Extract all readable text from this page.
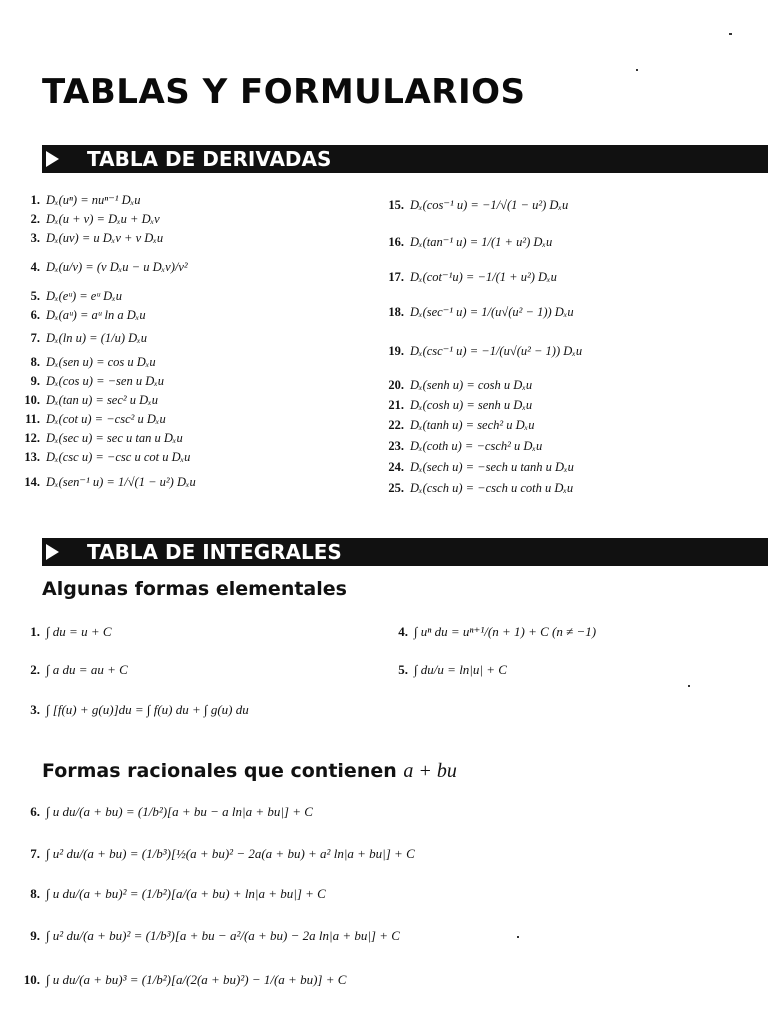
TABLAS Y FORMULARIOS
TABLA DE DERIVADAS
1. Dₓ(uⁿ) = nuⁿ⁻¹ Dₓu
2. Dₓ(u + v) = Dₓu + Dₓv
3. Dₓ(uv) = u Dₓv + v Dₓu
4. Dₓ(u/v) = (v Dₓu − u Dₓv)/v²
5. Dₓ(eᵘ) = eᵘ Dₓu
6. Dₓ(aᵘ) = aᵘ ln a Dₓu
7. Dₓ(ln u) = (1/u) Dₓu
8. Dₓ(sen u) = cos u Dₓu
9. Dₓ(cos u) = −sen u Dₓu
10. Dₓ(tan u) = sec² u Dₓu
11. Dₓ(cot u) = −csc² u Dₓu
12. Dₓ(sec u) = sec u tan u Dₓu
13. Dₓ(csc u) = −csc u cot u Dₓu
14. Dₓ(sen⁻¹ u) = 1/√(1 − u²) Dₓu
15. Dₓ(cos⁻¹ u) = −1/√(1 − u²) Dₓu
16. Dₓ(tan⁻¹ u) = 1/(1 + u²) Dₓu
17. Dₓ(cot⁻¹u) = −1/(1 + u²) Dₓu
18. Dₓ(sec⁻¹ u) = 1/(u√(u² − 1)) Dₓu
19. Dₓ(csc⁻¹ u) = −1/(u√(u² − 1)) Dₓu
20. Dₓ(senh u) = cosh u Dₓu
21. Dₓ(cosh u) = senh u Dₓu
22. Dₓ(tanh u) = sech² u Dₓu
23. Dₓ(coth u) = −csch² u Dₓu
24. Dₓ(sech u) = −sech u tanh u Dₓu
25. Dₓ(csch u) = −csch u coth u Dₓu
TABLA DE INTEGRALES
Algunas formas elementales
1. ∫ du = u + C
2. ∫ a du = au + C
3. ∫ [f(u) + g(u)]du = ∫ f(u) du + ∫ g(u) du
4. ∫ uⁿ du = uⁿ⁺¹/(n + 1) + C (n ≠ −1)
5. ∫ du/u = ln|u| + C
Formas racionales que contienen a + bu
6. ∫ u du/(a + bu) = (1/b²)[a + bu − a ln|a + bu|] + C
7. ∫ u² du/(a + bu) = (1/b³)[½(a + bu)² − 2a(a + bu) + a² ln|a + bu|] + C
8. ∫ u du/(a + bu)² = (1/b²)[a/(a + bu) + ln|a + bu|] + C
9. ∫ u² du/(a + bu)² = (1/b³)[a + bu − a²/(a + bu) − 2a ln|a + bu|] + C
10. ∫ u du/(a + bu)³ = (1/b²)[a/(2(a + bu)²) − 1/(a + bu)] + C
